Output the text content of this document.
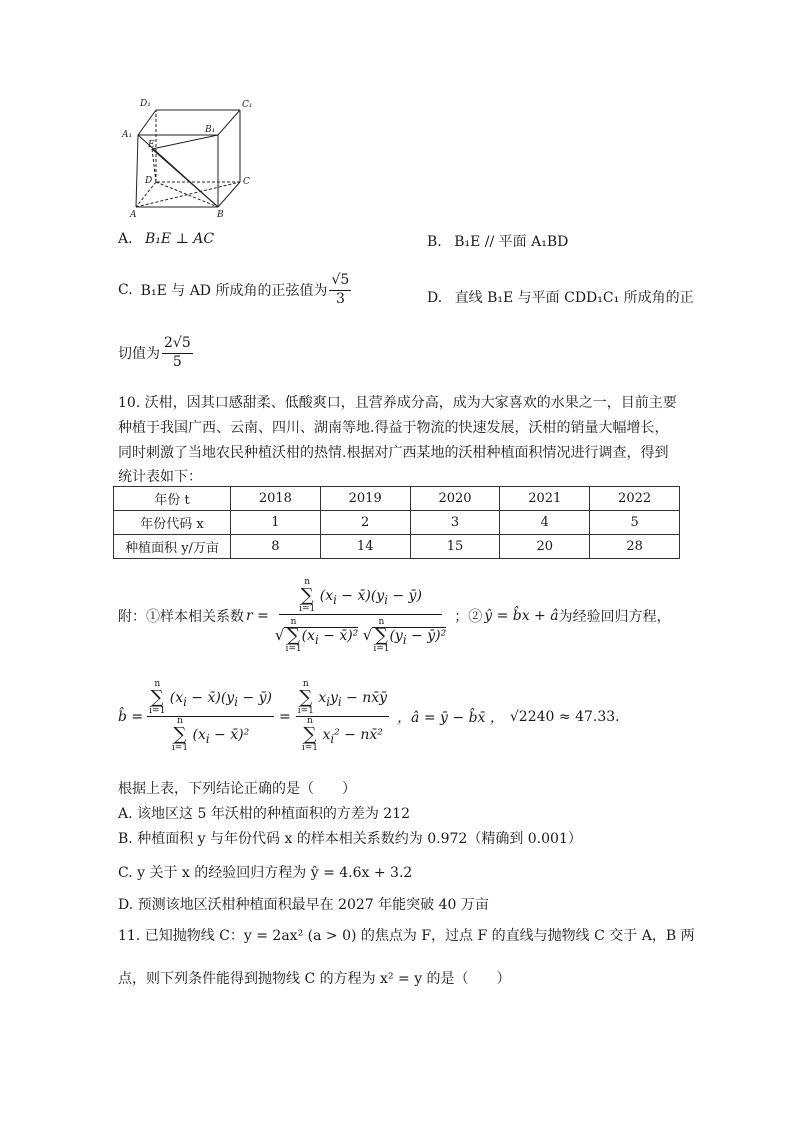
D₁	C₁
A₁	B₁
E
D	C
A	B
A. B₁E ⊥ AC	B. B₁E // 平面 A₁BD
C. B₁E 与 AD 所成角的正弦值为 $\frac{√5}{3}$	D. 直线 B₁E 与平面 CDD₁C₁ 所成角的正
切值为 $\frac{2√5}{5}$
10. 沃柑，因其口感甜柔、低酸爽口，且营养成分高，成为大家喜欢的水果之一，目前主要
种植于我国广西、云南、四川、湖南等地.得益于物流的快速发展，沃柑的销量大幅增长，
同时刺激了当地农民种植沃柑的热情.根据对广西某地的沃柑种植面积情况进行调查，得到
统计表如下：
年份 t	2018	2019	2020	2021	2022
年份代码 x	1	2	3	4	5
种植面积 y/万亩	8	14	15	20	28
附：①样本相关系数 r = n
∑
i=1
($x_i$ − $x̄)(y_i$ − ȳ)
√
n
∑
i=1
($x_i$ − x̄)² √
n
∑
i=1
($y_i$ − ȳ)² ；② ŷ = b̂x + â 为经验回归方程，
b̂ = n
∑
i=1
($x_i$ − $x̄)(y_i$ − ȳ)
n
∑
i=1
($x_i$ − x̄)² = n
∑
i=1
$x_iy_i$ − nx̄ȳ
n
∑
i=1
$x_i^2$ − nx̄² ，â = ȳ − b̂x̄ ， √2240 ≈ 47.33.
根据上表，下列结论正确的是（　　）
A. 该地区这 5 年沃柑的种植面积的方差为 212
B. 种植面积 y 与年份代码 x 的样本相关系数约为 0.972（精确到 0.001）
C. y 关于 x 的经验回归方程为 ŷ = 4.6x + 3.2
D. 预测该地区沃柑种植面积最早在 2027 年能突破 40 万亩
11. 已知抛物线 C：y = 2ax² (a > 0) 的焦点为 F，过点 F 的直线与抛物线 C 交于 A，B 两
点，则下列条件能得到抛物线 C 的方程为 x² = y 的是（　　）
